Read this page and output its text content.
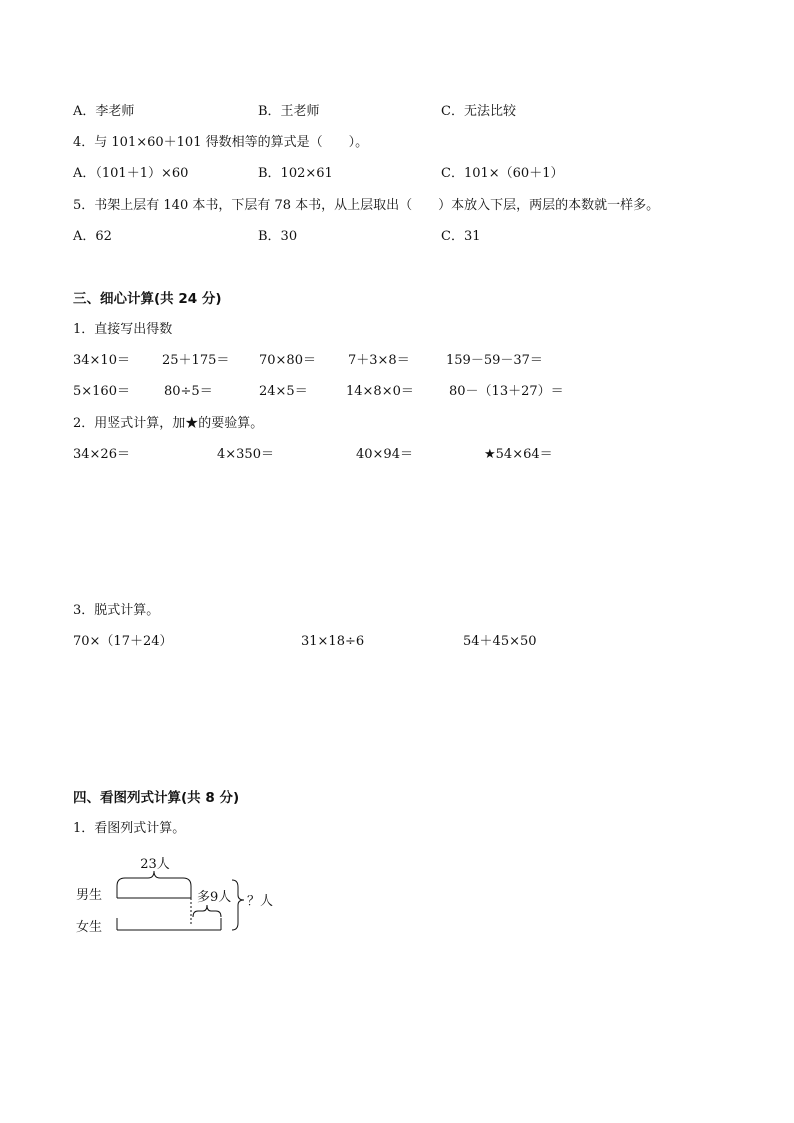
A．李老师	B．王老师	C．无法比较
4．与 101×60＋101 得数相等的算式是（　　）。
A．（101＋1）×60	B．102×61	C．101×（60＋1）
5．书架上层有 140 本书，下层有 78 本书，从上层取出（　　）本放入下层，两层的本数就一样多。
A．62	B．30	C．31
三、细心计算(共 24 分)
1．直接写出得数
34×10＝ 25＋175＝ 70×80＝ 7＋3×8＝	159－59－37＝
5×160＝	80÷5＝	24×5＝	14×8×0＝	80－（13＋27）＝
2．用竖式计算，加★的要验算。
34×26＝	4×350＝	40×94＝	★54×64＝
3．脱式计算。
70×（17＋24）	31×18÷6	54＋45×50
四、看图列式计算(共 8 分)
1．看图列式计算。
23人
男生
女生
多9人 ？人
